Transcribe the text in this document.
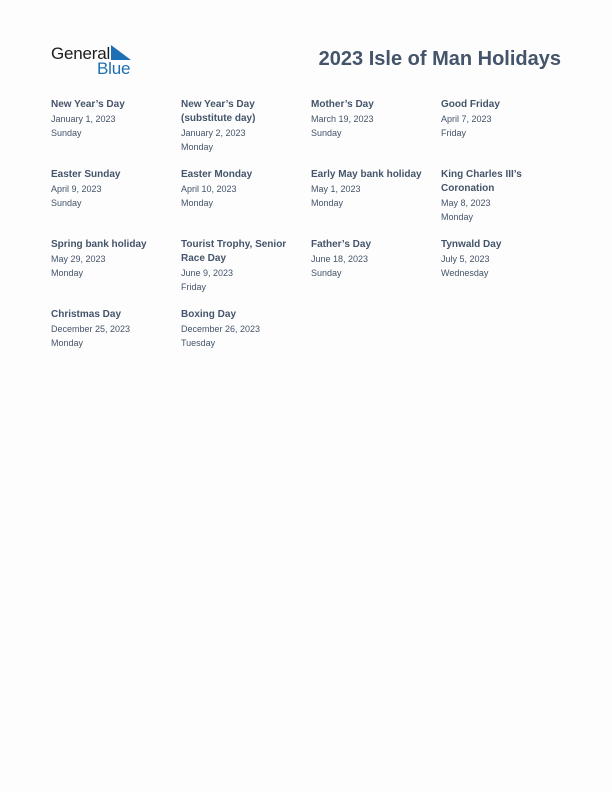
General
Blue	2023 Isle of Man Holidays
New Year’s Day
January 1, 2023
Sunday
New Year’s Day (substitute day)
January 2, 2023
Monday
Mother’s Day
March 19, 2023
Sunday
Good Friday
April 7, 2023
Friday
Easter Sunday
April 9, 2023
Sunday
Easter Monday
April 10, 2023
Monday
Early May bank holiday
May 1, 2023
Monday
King Charles III’s Coronation
May 8, 2023
Monday
Spring bank holiday
May 29, 2023
Monday
Tourist Trophy, Senior Race Day
June 9, 2023
Friday
Father’s Day
June 18, 2023
Sunday
Tynwald Day
July 5, 2023
Wednesday
Christmas Day
December 25, 2023
Monday
Boxing Day
December 26, 2023
Tuesday
